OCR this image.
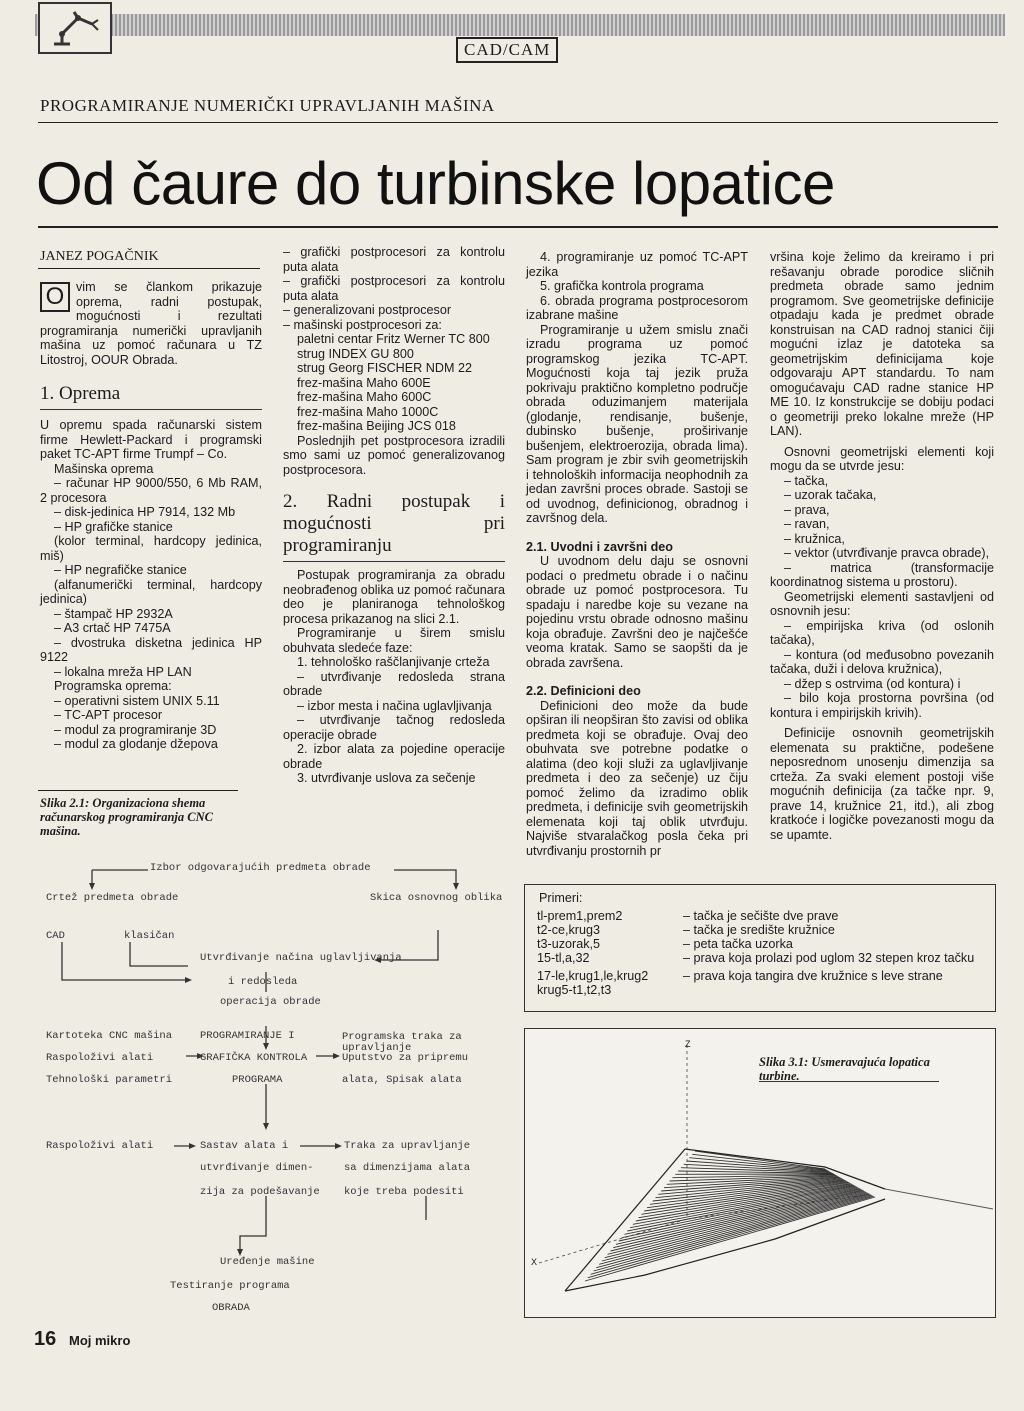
CAD/CAM
PROGRAMIRANJE NUMERIČKI UPRAVLJANIH MAŠINA
Od čaure do turbinske lopatice
JANEZ POGAČNIK

O vim se člankom prikazuje oprema, radni postupak, mogućnosti i rezultati programiranja numerički upravljanih mašina uz pomoć računara u TZ Litostroj, OOUR Obrada.

1. Oprema

U opremu spada računarski sistem firme Hewlett-Packard i programski paket TC-APT firme Trumpf – Co.

Mašinska oprema

– računar HP 9000/550, 6 Mb RAM, 2 procesora

– disk-jedinica HP 7914, 132 Mb

– HP grafičke stanice

(kolor terminal, hardcopy jedinica, miš)

– HP negrafičke stanice

(alfanumerički terminal, hardcopy jedinica)

– štampač HP 2932A

– A3 crtač HP 7475A

– dvostruka disketna jedinica HP 9122

– lokalna mreža HP LAN

Programska oprema:

– operativni sistem UNIX 5.11

– TC-APT procesor

– modul za programiranje 3D

– modul za glodanje džepova

Slika 2.1: Organizaciona shema računarskog programiranja CNC mašina.

– grafički postprocesori za kontrolu puta alata

– grafički postprocesori za kontrolu puta alata

– generalizovani postprocesor

– mašinski postprocesori za:

paletni centar Fritz Werner TC 800

strug INDEX GU 800

strug Georg FISCHER NDM 22

frez-mašina Maho 600E

frez-mašina Maho 600C

frez-mašina Maho 1000C

frez-mašina Beijing JCS 018

Poslednjih pet postprocesora izradili smo sami uz pomoć generalizovanog postprocesora.

2. Radni postupak i mogućnosti pri programiranju

Postupak programiranja za obradu neobrađenog oblika uz pomoć računara deo je planiranoga tehnološkog procesa prikazanog na slici 2.1.

Programiranje u širem smislu obuhvata sledeće faze:

1. tehnološko raščlanjivanje crteža

– utvrđivanje redosleda strana obrade

– izbor mesta i načina uglavljivanja

– utvrđivanje tačnog redosleda operacije obrade

2. izbor alata za pojedine operacije obrade

3. utvrđivanje uslova za sečenje

4. programiranje uz pomoć TC-APT jezika

5. grafička kontrola programa

6. obrada programa postprocesorom izabrane mašine

Programiranje u užem smislu znači izradu programa uz pomoć programskog jezika TC-APT. Mogućnosti koja taj jezik pruža pokrivaju praktično kompletno područje obrada oduzimanjem materijala (glodanje, rendisanje, bušenje, dubinsko bušenje, proširivanje bušenjem, elektroerozija, obrada lima). Sam program je zbir svih geometrijskih i tehnoloških informacija neophodnih za jedan završni proces obrade. Sastoji se od uvodnog, definicionog, obradnog i završnog dela.

2.1. Uvodni i završni deo

U uvodnom delu daju se osnovni podaci o predmetu obrade i o načinu obrade uz pomoć postprocesora. Tu spadaju i naredbe koje su vezane na pojedinu vrstu obrade odnosno mašinu koja obrađuje. Završni deo je najčešće veoma kratak. Samo se saopšti da je obrada završena.

2.2. Definicioni deo

Definicioni deo može da bude opširan ili neopširan što zavisi od oblika predmeta koji se obrađuje. Ovaj deo obuhvata sve potrebne podatke o alatima (deo koji služi za uglavljivanje predmeta i deo za sečenje) uz čiju pomoć želimo da izradimo oblik predmeta, i definicije svih geometrijskih elemenata koji taj oblik utvrđuju. Najviše stvaralačkog posla čeka pri utvrđivanju prostornih pr

vršina koje želimo da kreiramo i pri rešavanju obrade porodice sličnih predmeta obrade samo jednim programom. Sve geometrijske definicije otpadaju kada je predmet obrade konstruisan na CAD radnoj stanici čiji mogućni izlaz je datoteka sa geometrijskim definicijama koje odgovaraju APT standardu. To nam omogućavaju CAD radne stanice HP ME 10. Iz konstrukcije se dobiju podaci o geometriji preko lokalne mreže (HP LAN).

Osnovni geometrijski elementi koji mogu da se utvrde jesu:

– tačka,

– uzorak tačaka,

– prava,

– ravan,

– kružnica,

– vektor (utvrđivanje pravca obrade),

– matrica (transformacije koordinatnog sistema u prostoru).

Geometrijski elementi sastavljeni od osnovnih jesu:

– empirijska kriva (od oslonih tačaka),

– kontura (od međusobno povezanih tačaka, duži i delova kružnica),

– džep s ostrvima (od kontura) i

– bilo koja prostorna površina (od kontura i empirijskih krivih).

Definicije osnovnih geometrijskih elemenata su praktične, podešene neposrednom unosenju dimenzija sa crteža. Za svaki element postoji više mogućnih definicija (za tačke npr. 9, prave 14, kružnice 21, itd.), ali zbog kratkoće i logičke povezanosti mogu da se upamte.

Izbor odgovarajućih predmeta obrade
Crtež predmeta obrade	Skica osnovnog oblika
CAD	klasičan
Utvrđivanje načina uglavljivanja
i redosleda
operacija obrade
Kartoteka CNC mašina
Raspoloživi alati
Tehnološki parametri
PROGRAMIRANJE I
GRAFIČKA KONTROLA
PROGRAMA
Programska traka za upravljanje
Uputstvo za pripremu
alata, Spisak alata
Raspoloživi alati	Sastav alata i
utvrđivanje dimen-
zija za podešavanje
Traka za upravljanje
sa dimenzijama alata
koje treba podesiti
Uređenje mašine
Testiranje programa
OBRADA
Primeri:
tl-prem1,prem2	– tačka je sečište dve prave
t2-ce,krug3	– tačka je središte kružnice
t3-uzorak,5	– peta tačka uzorka
15-tl,a,32	– prava koja prolazi pod uglom 32 stepen kroz tačku
17-le,krug1,le,krug2 krug5-t1,t2,t3	– prava koja tangira dve kružnice s leve strane
Z
X
Slika 3.1: Usmeravajuća lopatica turbine.
16 Moj mikro
